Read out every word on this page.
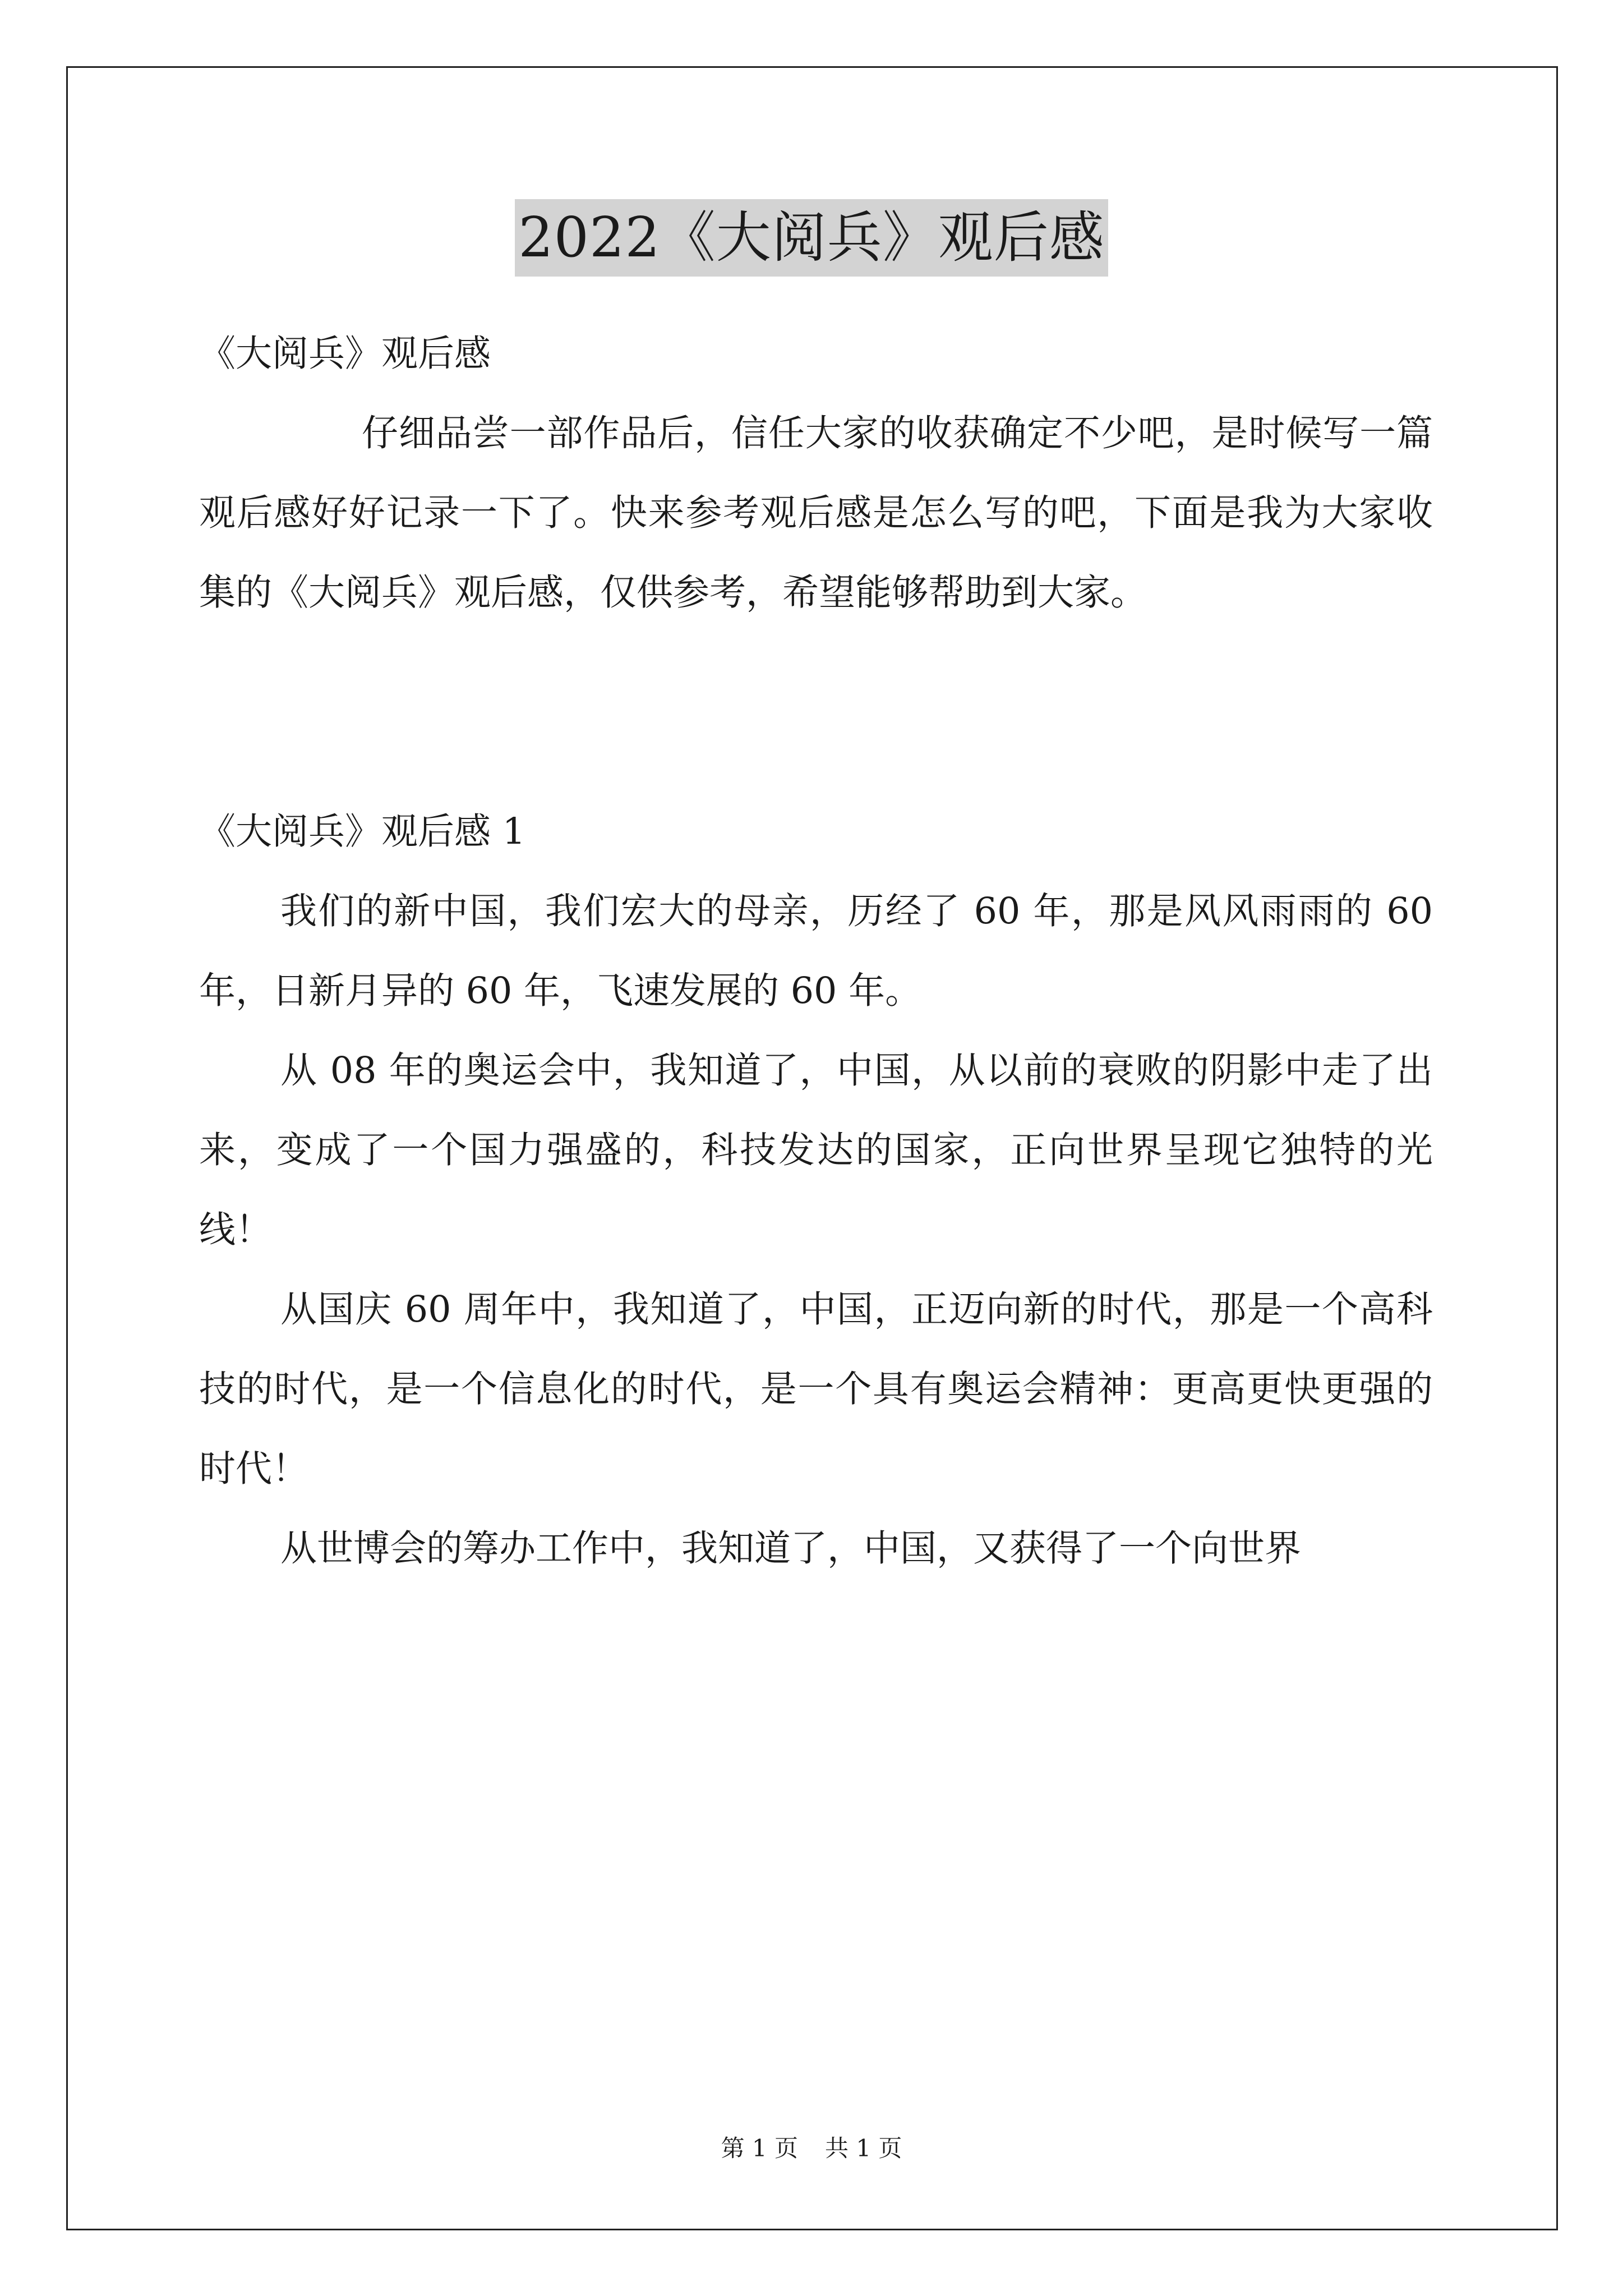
2022《大阅兵》观后感

《大阅兵》观后感

仔细品尝一部作品后，信任大家的收获确定不少吧，是时候写一篇观后感好好记录一下了。快来参考观后感是怎么写的吧，下面是我为大家收集的《大阅兵》观后感，仅供参考，希望能够帮助到大家。

《大阅兵》观后感 1

我们的新中国，我们宏大的母亲，历经了 60 年，那是风风雨雨的 60 年，日新月异的 60 年，飞速发展的 60 年。

从 08 年的奥运会中，我知道了，中国，从以前的衰败的阴影中走了出来，变成了一个国力强盛的，科技发达的国家，正向世界呈现它独特的光线！

从国庆 60 周年中，我知道了，中国，正迈向新的时代，那是一个高科技的时代，是一个信息化的时代，是一个具有奥运会精神：更高更快更强的时代！

从世博会的筹办工作中，我知道了，中国，又获得了一个向世界

第 1 页 共 1 页
